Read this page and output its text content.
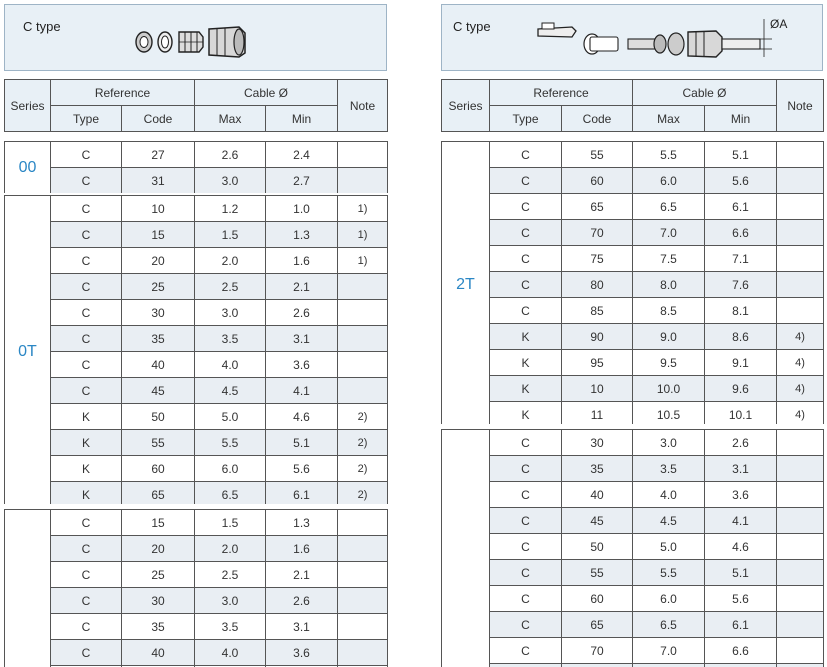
C type
Series	Reference		Cable Ø		Note
	Type	Code	Max	Min	
00	C	27	2.6	2.4	
	C	31	3.0	2.7	
0T	C	10	1.2	1.0	1)
	C	15	1.5	1.3	1)
	C	20	2.0	1.6	1)
	C	25	2.5	2.1	
	C	30	3.0	2.6	
	C	35	3.5	3.1	
	C	40	4.0	3.6	
	C	45	4.5	4.1	
	K	50	5.0	4.6	2)
	K	55	5.5	5.1	2)
	K	60	6.0	5.6	2)
	K	65	6.5	6.1	2)
	C	15	1.5	1.3	
	C	20	2.0	1.6	
	C	25	2.5	2.1	
	C	30	3.0	2.6	
	C	35	3.5	3.1	
	C	40	4.0	3.6	

C type	ØA
Series	Reference		Cable Ø		Note
	Type	Code	Max	Min	
2T	C	55	5.5	5.1	
	C	60	6.0	5.6	
	C	65	6.5	6.1	
	C	70	7.0	6.6	
	C	75	7.5	7.1	
	C	80	8.0	7.6	
	C	85	8.5	8.1	
	K	90	9.0	8.6	4)
	K	95	9.5	9.1	4)
	K	10	10.0	9.6	4)
	K	11	10.5	10.1	4)
	C	30	3.0	2.6	
	C	35	3.5	3.1	
	C	40	4.0	3.6	
	C	45	4.5	4.1	
	C	50	5.0	4.6	
	C	55	5.5	5.1	
	C	60	6.0	5.6	
	C	65	6.5	6.1	
	C	70	7.0	6.6	
